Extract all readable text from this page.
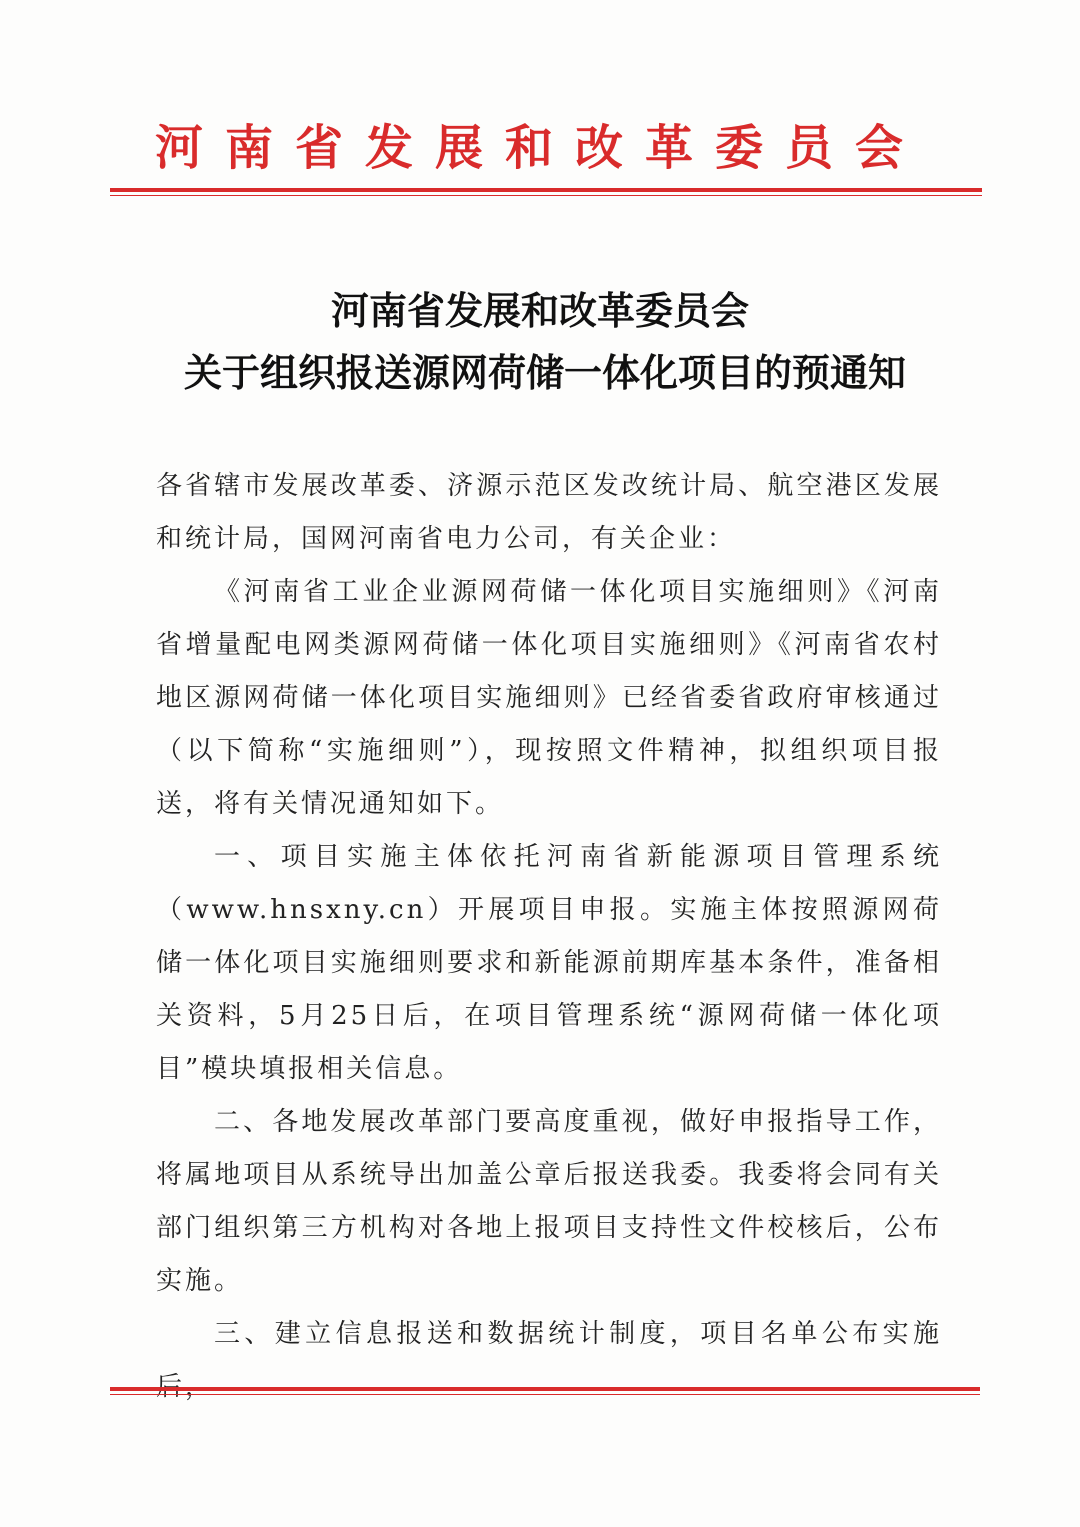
河南省发展和改革委员会
河南省发展和改革委员会
关于组织报送源网荷储一体化项目的预通知

各省辖市发展改革委、济源示范区发改统计局、航空港区发展和统计局，国网河南省电力公司，有关企业：

《河南省工业企业源网荷储一体化项目实施细则》《河南省增量配电网类源网荷储一体化项目实施细则》《河南省农村地区源网荷储一体化项目实施细则》已经省委省政府审核通过（以下简称“实施细则”），现按照文件精神，拟组织项目报送，将有关情况通知如下。

一、项目实施主体依托河南省新能源项目管理系统（www.hnsxny.cn）开展项目申报。实施主体按照源网荷储一体化项目实施细则要求和新能源前期库基本条件，准备相关资料，5月25日后，在项目管理系统“源网荷储一体化项目”模块填报相关信息。

二、各地发展改革部门要高度重视，做好申报指导工作，将属地项目从系统导出加盖公章后报送我委。我委将会同有关部门组织第三方机构对各地上报项目支持性文件校核后，公布实施。

三、建立信息报送和数据统计制度，项目名单公布实施
